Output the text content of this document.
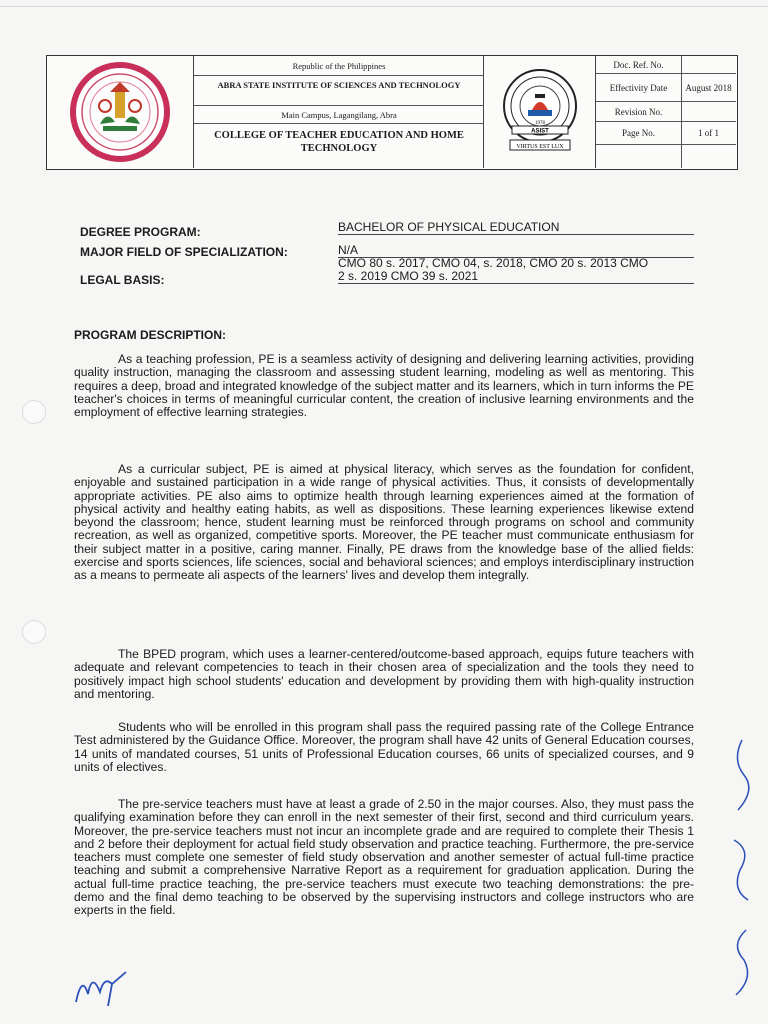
Republic of the Philippines
ABRA STATE INSTITUTE OF SCIENCES AND TECHNOLOGY
Main Campus, Lagangilang, Abra
COLLEGE OF TEACHER EDUCATION AND HOME TECHNOLOGY
1978
ASIST
VIRTUS EST LUX
Doc. Ref. No.
Effectivity Date	August 2018
Revision No.
Page No.	1 of 1
DEGREE PROGRAM:	BACHELOR OF PHYSICAL EDUCATION
MAJOR FIELD OF SPECIALIZATION:	N/A
LEGAL BASIS:
CMO 80 s. 2017, CMO 04, s. 2018, CMO 20 s. 2013 CMO
2 s. 2019 CMO 39 s. 2021
PROGRAM DESCRIPTION:
As a teaching profession, PE is a seamless activity of designing and delivering learning activities, providing quality instruction, managing the classroom and assessing student learning, modeling as well as mentoring. This requires a deep, broad and integrated knowledge of the subject matter and its learners, which in turn informs the PE teacher's choices in terms of meaningful curricular content, the creation of inclusive learning environments and the employment of effective learning strategies.
As a curricular subject, PE is aimed at physical literacy, which serves as the foundation for confident, enjoyable and sustained participation in a wide range of physical activities. Thus, it consists of developmentally appropriate activities. PE also aims to optimize health through learning experiences aimed at the formation of physical activity and healthy eating habits, as well as dispositions. These learning experiences likewise extend beyond the classroom; hence, student learning must be reinforced through programs on school and community recreation, as well as organized, competitive sports. Moreover, the PE teacher must communicate enthusiasm for their subject matter in a positive, caring manner. Finally, PE draws from the knowledge base of the allied fields: exercise and sports sciences, life sciences, social and behavioral sciences; and employs interdisciplinary instruction as a means to permeate ali aspects of the learners' lives and develop them integrally.
The BPED program, which uses a learner-centered/outcome-based approach, equips future teachers with adequate and relevant competencies to teach in their chosen area of specialization and the tools they need to positively impact high school students' education and development by providing them with high-quality instruction and mentoring.
Students who will be enrolled in this program shall pass the required passing rate of the College Entrance Test administered by the Guidance Office. Moreover, the program shall have 42 units of General Education courses, 14 units of mandated courses, 51 units of Professional Education courses, 66 units of specialized courses, and 9 units of electives.
The pre-service teachers must have at least a grade of 2.50 in the major courses. Also, they must pass the qualifying examination before they can enroll in the next semester of their first, second and third curriculum years. Moreover, the pre-service teachers must not incur an incomplete grade and are required to complete their Thesis 1 and 2 before their deployment for actual field study observation and practice teaching. Furthermore, the pre-service teachers must complete one semester of field study observation and another semester of actual full-time practice teaching and submit a comprehensive Narrative Report as a requirement for graduation application. During the actual full-time practice teaching, the pre-service teachers must execute two teaching demonstrations: the pre-demo and the final demo teaching to be observed by the supervising instructors and college instructors who are experts in the field.
